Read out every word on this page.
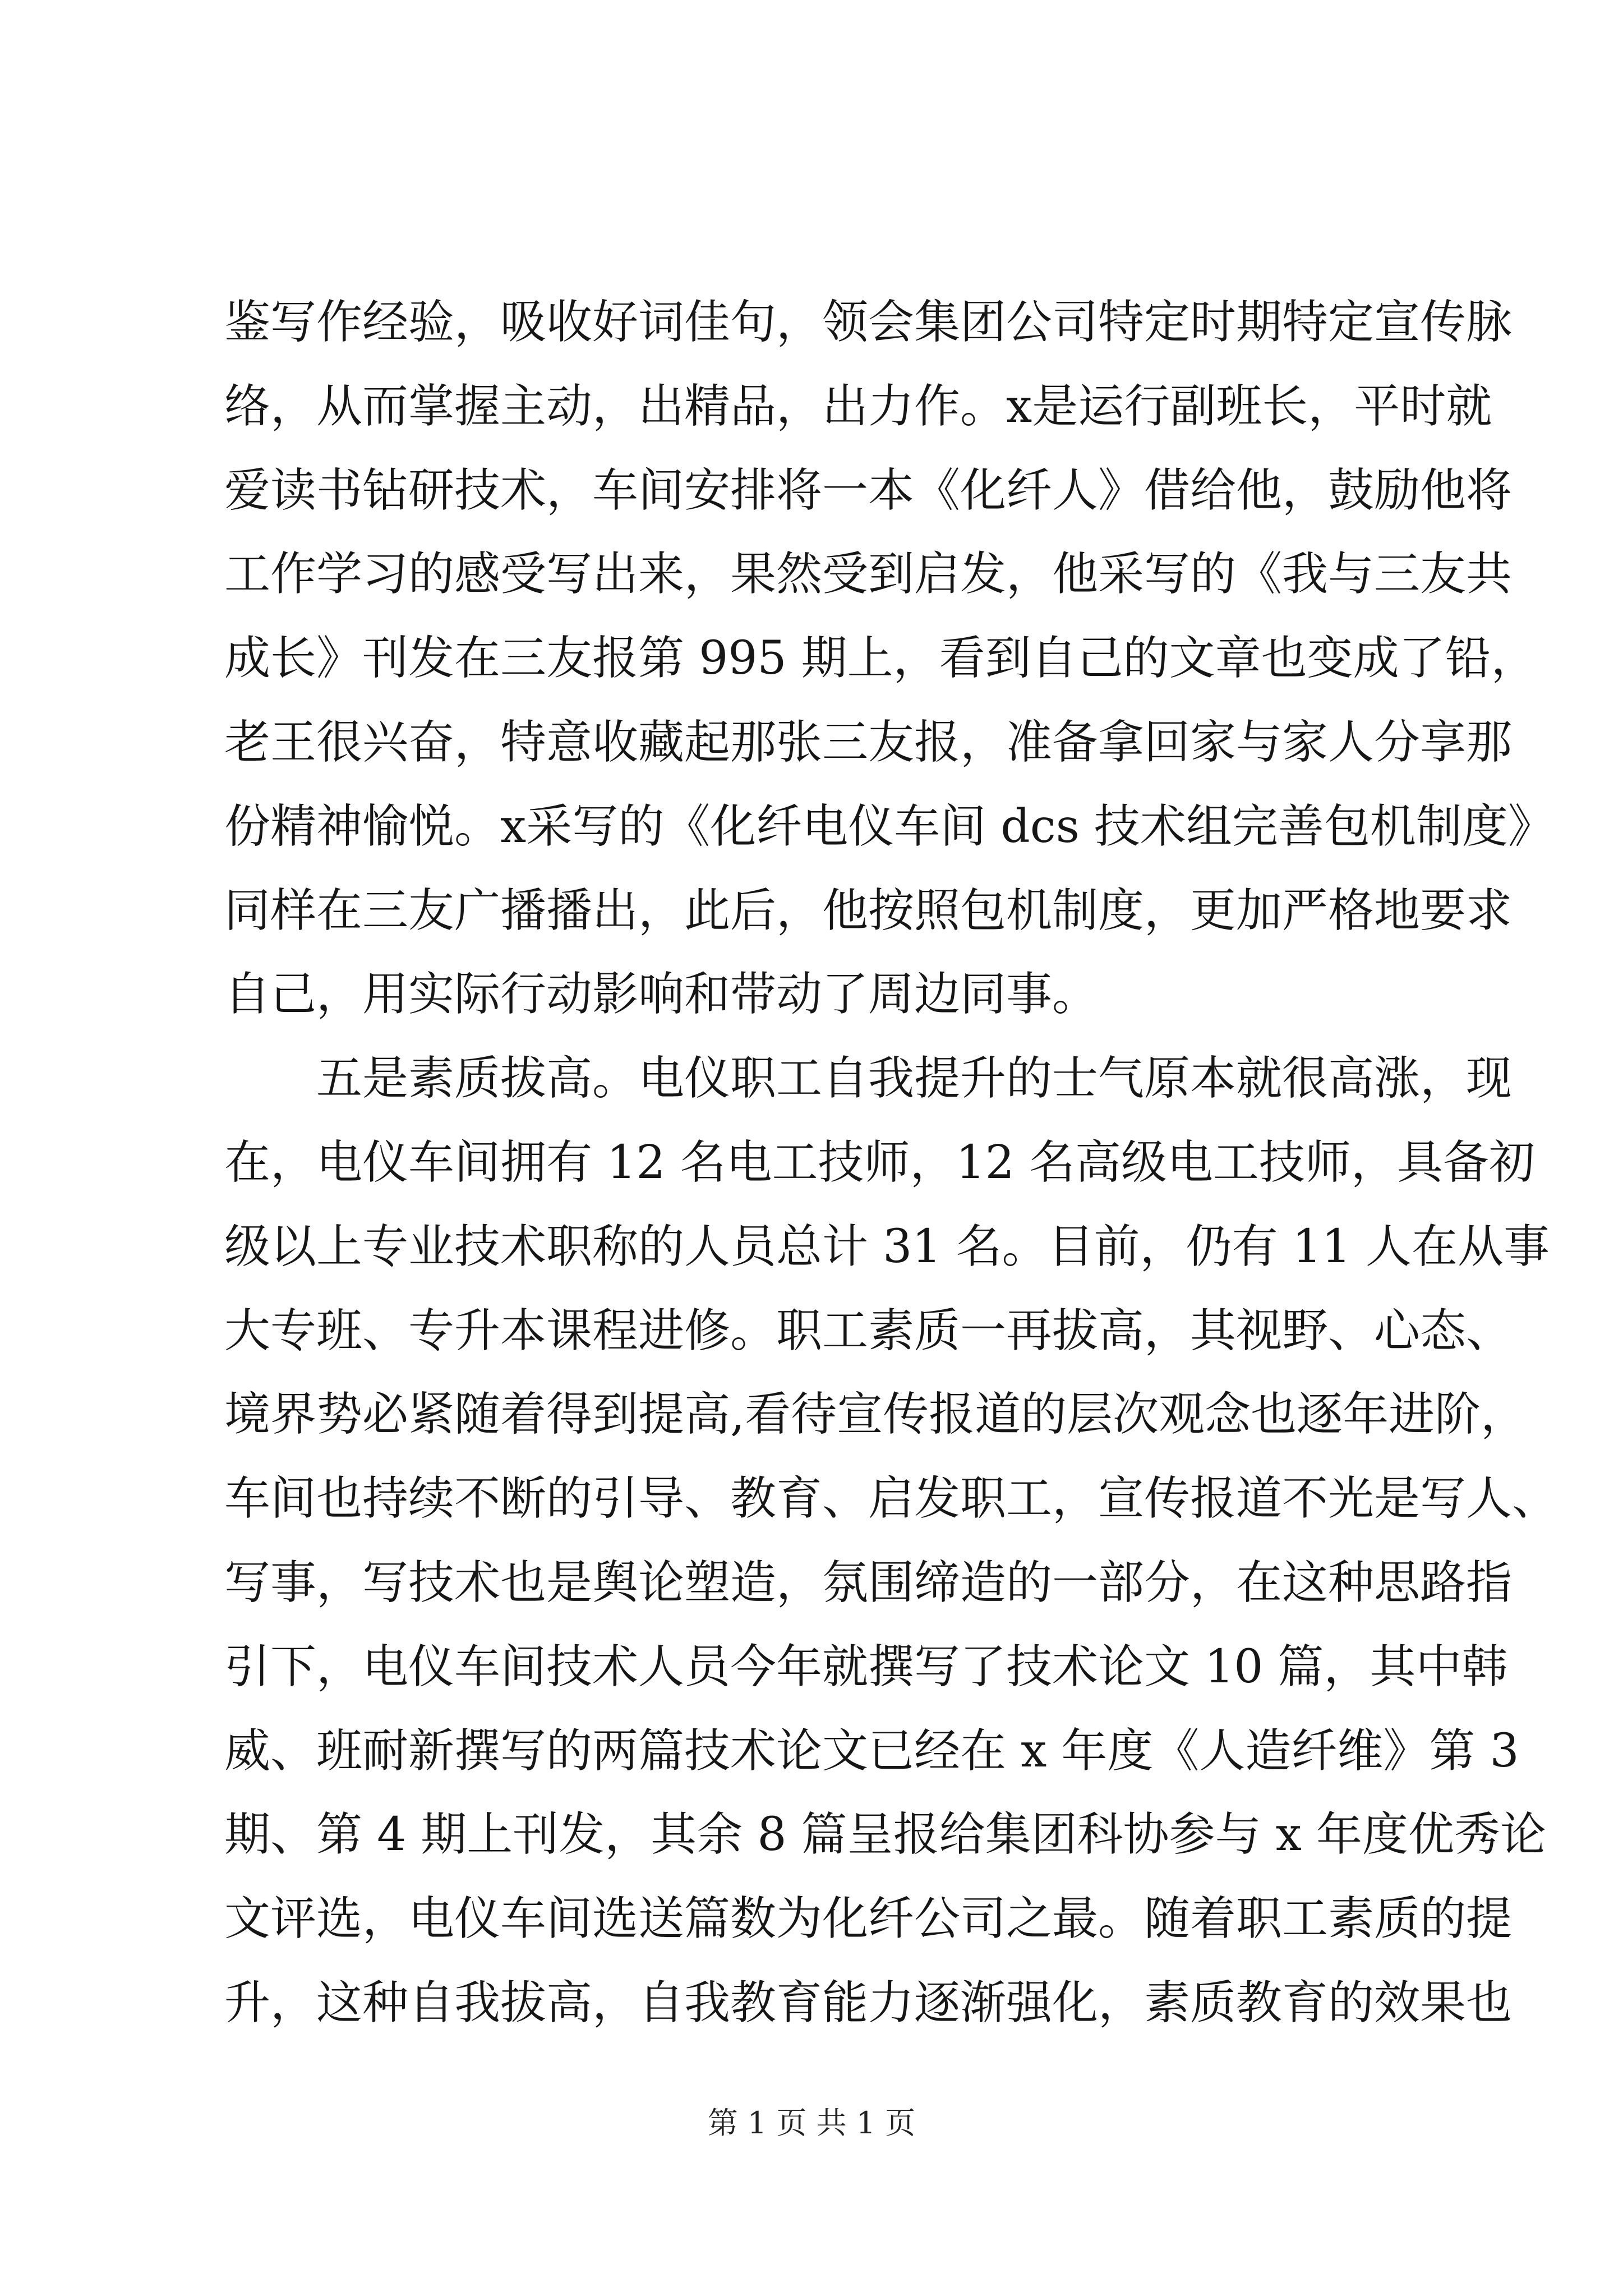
鉴写作经验，吸收好词佳句，领会集团公司特定时期特定宣传脉
络，从而掌握主动，出精品，出力作。x是运行副班长，平时就
爱读书钻研技术，车间安排将一本《化纤人》借给他，鼓励他将
工作学习的感受写出来，果然受到启发，他采写的《我与三友共
成长》刊发在三友报第 995 期上，看到自己的文章也变成了铅，
老王很兴奋，特意收藏起那张三友报，准备拿回家与家人分享那
份精神愉悦。x采写的《化纤电仪车间 dcs 技术组完善包机制度》
同样在三友广播播出，此后，他按照包机制度，更加严格地要求
自己，用实际行动影响和带动了周边同事。
五是素质拔高。电仪职工自我提升的士气原本就很高涨，现
在，电仪车间拥有 12 名电工技师，12 名高级电工技师，具备初
级以上专业技术职称的人员总计 31 名。目前，仍有 11 人在从事
大专班、专升本课程进修。职工素质一再拔高，其视野、心态、
境界势必紧随着得到提高,看待宣传报道的层次观念也逐年进阶，
车间也持续不断的引导、教育、启发职工，宣传报道不光是写人、
写事，写技术也是舆论塑造，氛围缔造的一部分，在这种思路指
引下，电仪车间技术人员今年就撰写了技术论文 10 篇，其中韩
威、班耐新撰写的两篇技术论文已经在 x 年度《人造纤维》第 3
期、第 4 期上刊发，其余 8 篇呈报给集团科协参与 x 年度优秀论
文评选，电仪车间选送篇数为化纤公司之最。随着职工素质的提
升，这种自我拔高，自我教育能力逐渐强化，素质教育的效果也
第 1 页 共 1 页
